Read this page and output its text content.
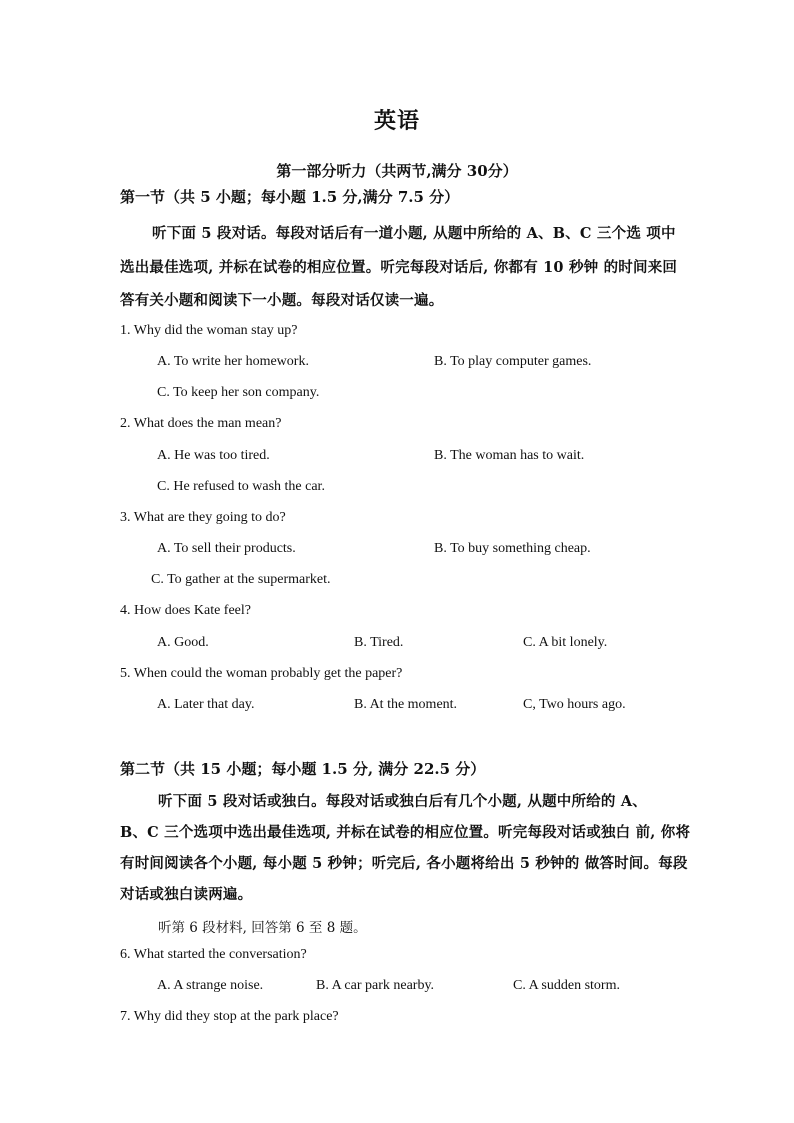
英语
第一部分听力（共两节,满分 30分）
第一节（共 5 小题；每小题 1.5 分,满分 7.5 分）
听下面 5 段对话。每段对话后有一道小题, 从题中所给的 A、B、C 三个选 项中
选出最佳选项, 并标在试卷的相应位置。听完每段对话后, 你都有 10 秒钟 的时间来回
答有关小题和阅读下一小题。每段对话仅读一遍。
1. Why did the woman stay up?
A. To write her homework.	B. To play computer games.
C. To keep her son company.
2. What does the man mean?
A. He was too tired.	B. The woman has to wait.
C. He refused to wash the car.
3. What are they going to do?
A. To sell their products.	B. To buy something cheap.
C. To gather at the supermarket.
4. How does Kate feel?
A. Good.	B. Tired.	C. A bit lonely.
5. When could the woman probably get the paper?
A. Later that day.	B. At the moment.	C, Two hours ago.
第二节（共 15 小题；每小题 1.5 分, 满分 22.5 分）
听下面 5 段对话或独白。每段对话或独白后有几个小题, 从题中所给的 A、
B、C 三个选项中选出最佳选项, 并标在试卷的相应位置。听完每段对话或独白 前, 你将
有时间阅读各个小题, 每小题 5 秒钟；听完后, 各小题将给出 5 秒钟的 做答时间。每段
对话或独白读两遍。
听第 6 段材料, 回答第 6 至 8 题。
6. What started the conversation?
A. A strange noise.	B. A car park nearby.	C. A sudden storm.
7. Why did they stop at the park place?
